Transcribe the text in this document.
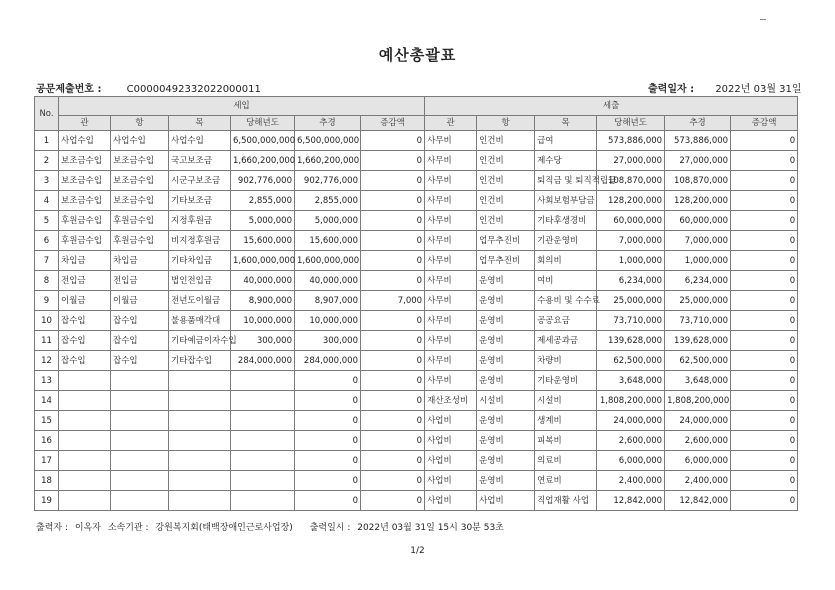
예산총괄표
공문제출번호 :	C00000492332022000011	출력일자 : 2022년 03월 31일
No.	세입						세출					
	관	항	목	당해년도	추경	증감액	관	항	목	당해년도	추경	증감액
1	사업수입	사업수입	사업수입	6,500,000,000	6,500,000,000	0	사무비	인건비	급여	573,886,000	573,886,000	0
2	보조금수입	보조금수입	국고보조금	1,660,200,000	1,660,200,000	0	사무비	인건비	제수당	27,000,000	27,000,000	0
3	보조금수입	보조금수입	시군구보조금	902,776,000	902,776,000	0	사무비	인건비	퇴직금 및 퇴직적립금	108,870,000	108,870,000	0
4	보조금수입	보조금수입	기타보조금	2,855,000	2,855,000	0	사무비	인건비	사회보험부담금	128,200,000	128,200,000	0
5	후원금수입	후원금수입	지정후원금	5,000,000	5,000,000	0	사무비	인건비	기타후생경비	60,000,000	60,000,000	0
6	후원금수입	후원금수입	비지정후원금	15,600,000	15,600,000	0	사무비	업무추진비	기관운영비	7,000,000	7,000,000	0
7	차입금	차입금	기타차입금	1,600,000,000	1,600,000,000	0	사무비	업무추진비	회의비	1,000,000	1,000,000	0
8	전입금	전입금	법인전입금	40,000,000	40,000,000	0	사무비	운영비	여비	6,234,000	6,234,000	0
9	이월금	이월금	전년도이월금	8,900,000	8,907,000	7,000	사무비	운영비	수용비 및 수수료	25,000,000	25,000,000	0
10	잡수입	잡수입	불용품매각대	10,000,000	10,000,000	0	사무비	운영비	공공요금	73,710,000	73,710,000	0
11	잡수입	잡수입	기타예금이자수입	300,000	300,000	0	사무비	운영비	제세공과금	139,628,000	139,628,000	0
12	잡수입	잡수입	기타잡수입	284,000,000	284,000,000	0	사무비	운영비	차량비	62,500,000	62,500,000	0
13					0	0	사무비	운영비	기타운영비	3,648,000	3,648,000	0
14					0	0	재산조성비	시설비	시설비	1,808,200,000	1,808,200,000	0
15					0	0	사업비	운영비	생계비	24,000,000	24,000,000	0
16					0	0	사업비	운영비	피복비	2,600,000	2,600,000	0
17					0	0	사업비	운영비	의료비	6,000,000	6,000,000	0
18					0	0	사업비	운영비	연료비	2,400,000	2,400,000	0
19					0	0	사업비	사업비	직업재활 사업	12,842,000	12,842,000	0
출력자 : 이옥자 소속기관 : 강원복지회(태백장애인근로사업장) 출력일시 : 2022년 03월 31일 15시 30분 53초
1/2
